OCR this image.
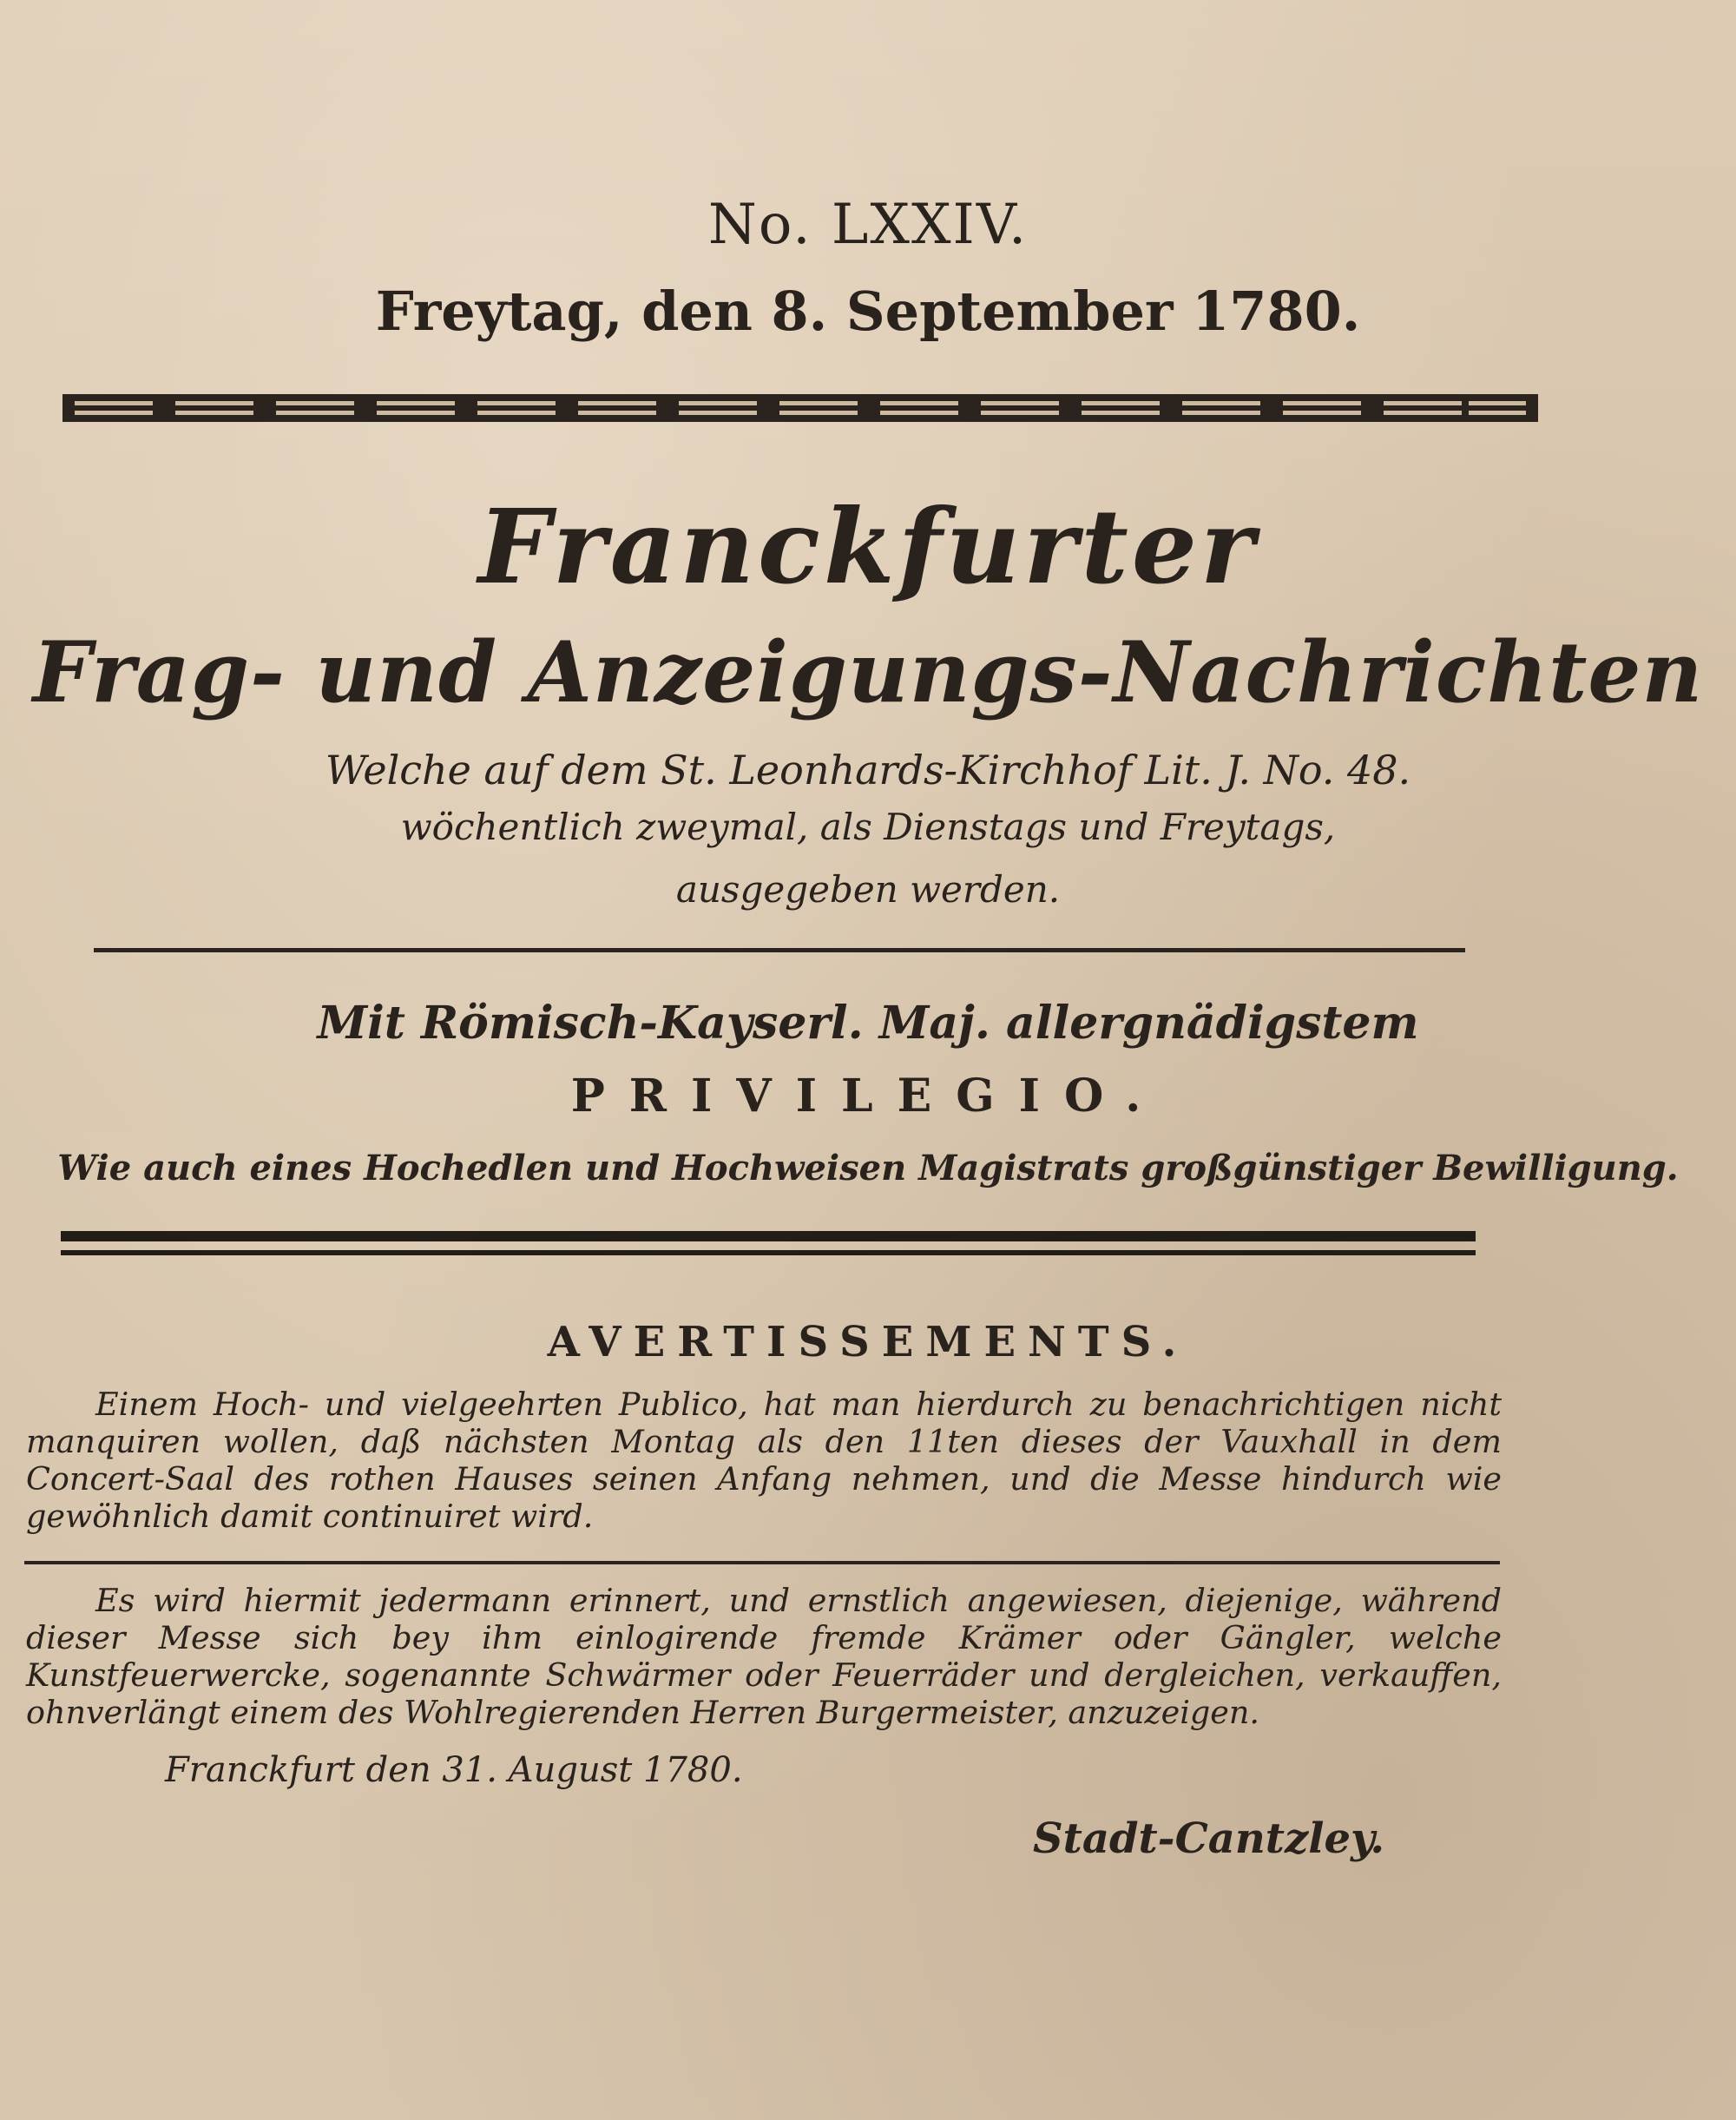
No. LXXIV.
Freytag, den 8. September 1780.
Franckfurter
Frag- und Anzeigungs-Nachrichten
Welche auf dem St. Leonhards-Kirchhof Lit. J. No. 48.
wöchentlich zweymal, als Dienstags und Freytags,
ausgegeben werden.
Mit Römisch-Kayserl. Maj. allergnädigstem
PRIVILEGIO.
Wie auch eines Hochedlen und Hochweisen Magistrats großgünstiger Bewilligung.
AVERTISSEMENTS.
Einem Hoch- und vielgeehrten Publico, hat man hierdurch zu benachrichtigen nicht manquiren wollen, daß nächsten Montag als den 11ten dieses der Vauxhall in dem Concert-Saal des rothen Hauses seinen Anfang nehmen, und die Messe hindurch wie gewöhnlich damit continuiret wird.
Es wird hiermit jedermann erinnert, und ernstlich angewiesen, diejenige, während dieser Messe sich bey ihm einlogirende fremde Krämer oder Gängler, welche Kunstfeuerwercke, sogenannte Schwärmer oder Feuerräder und dergleichen, verkauffen, ohnverlängt einem des Wohlregierenden Herren Burgermeister, anzuzeigen.
Franckfurt den 31. August 1780.
Stadt-Cantzley.
